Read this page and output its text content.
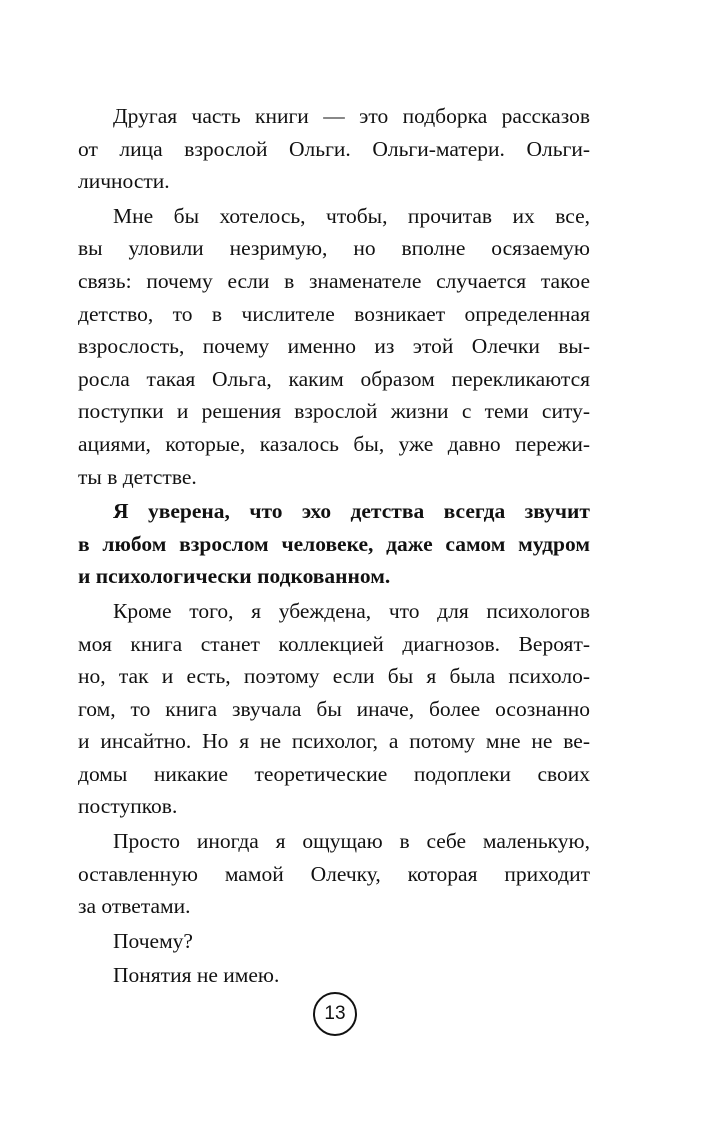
Другая часть книги — это подборка рассказов
от лица взрослой Ольги. Ольги-матери. Ольги-
личности.
Мне бы хотелось, чтобы, прочитав их все,
вы уловили незримую, но вполне осязаемую
связь: почему если в знаменателе случается такое
детство, то в числителе возникает определенная
взрослость, почему именно из этой Олечки вы-
росла такая Ольга, каким образом перекликаются
поступки и решения взрослой жизни с теми ситу-
ациями, которые, казалось бы, уже давно пережи-
ты в детстве.
Я уверена, что эхо детства всегда звучит
в любом взрослом человеке, даже самом мудром
и психологически подкованном.
Кроме того, я убеждена, что для психологов
моя книга станет коллекцией диагнозов. Вероят-
но, так и есть, поэтому если бы я была психоло-
гом, то книга звучала бы иначе, более осознанно
и инсайтно. Но я не психолог, а потому мне не ве-
домы никакие теоретические подоплеки своих
поступков.
Просто иногда я ощущаю в себе маленькую,
оставленную мамой Олечку, которая приходит
за ответами.
Почему?
Понятия не имею.
13
